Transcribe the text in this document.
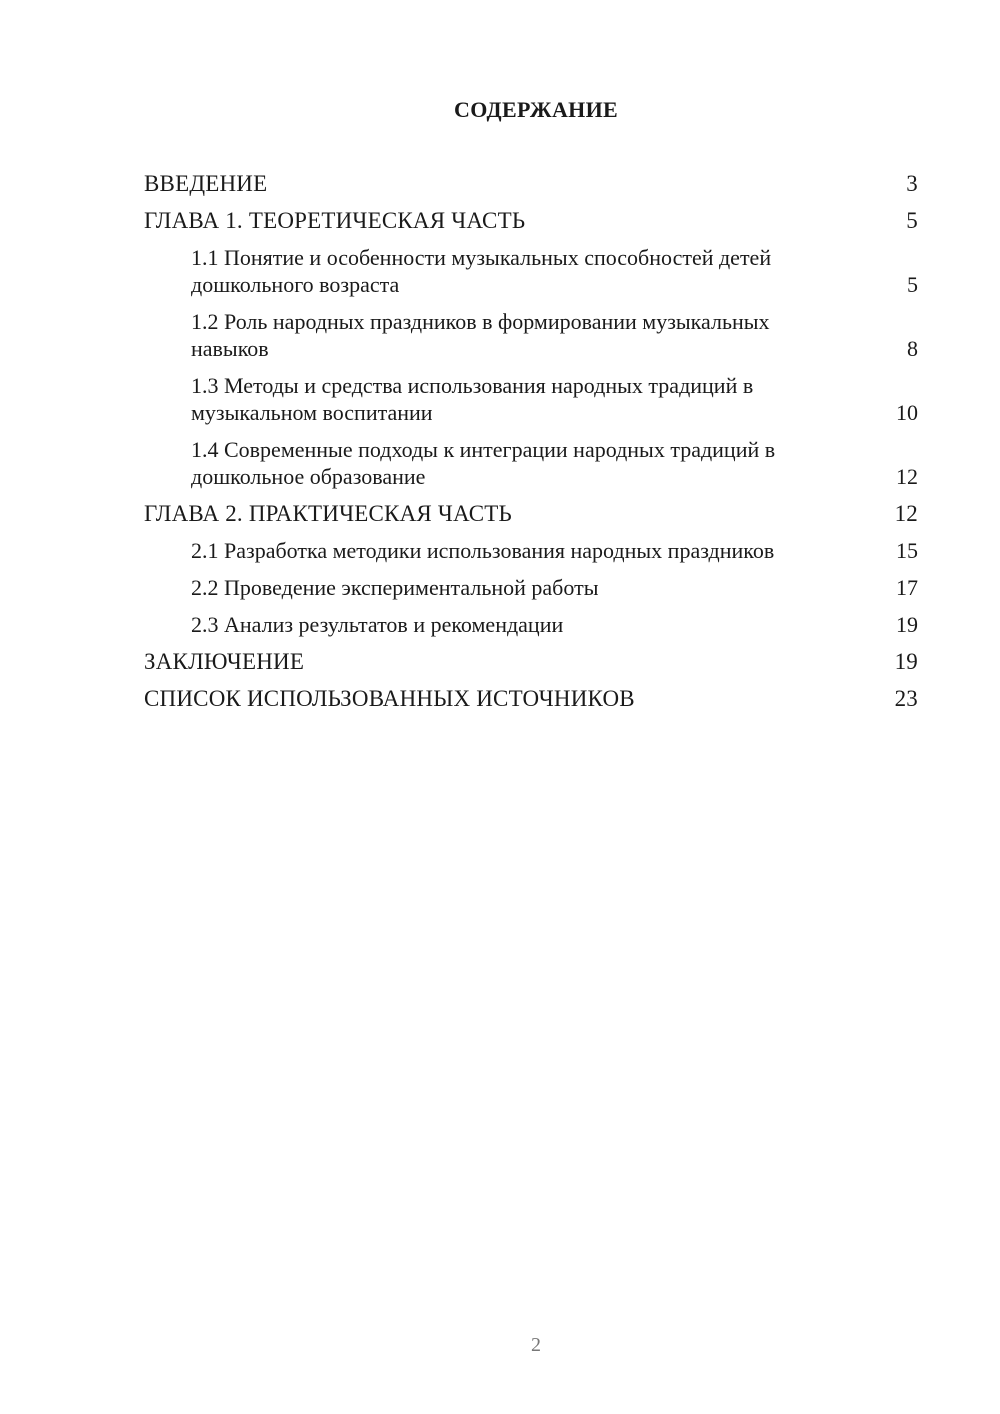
СОДЕРЖАНИЕ
ВВЕДЕНИЕ	3
ГЛАВА 1. ТЕОРЕТИЧЕСКАЯ ЧАСТЬ	5
1.1 Понятие и особенности музыкальных способностей детей дошкольного возраста	5
1.2 Роль народных праздников в формировании музыкальных навыков	8
1.3 Методы и средства использования народных традиций в музыкальном воспитании	10
1.4 Современные подходы к интеграции народных традиций в дошкольное образование	12
ГЛАВА 2. ПРАКТИЧЕСКАЯ ЧАСТЬ	12
2.1 Разработка методики использования народных праздников	15
2.2 Проведение экспериментальной работы	17
2.3 Анализ результатов и рекомендации	19
ЗАКЛЮЧЕНИЕ	19
СПИСОК ИСПОЛЬЗОВАННЫХ ИСТОЧНИКОВ	23
2
